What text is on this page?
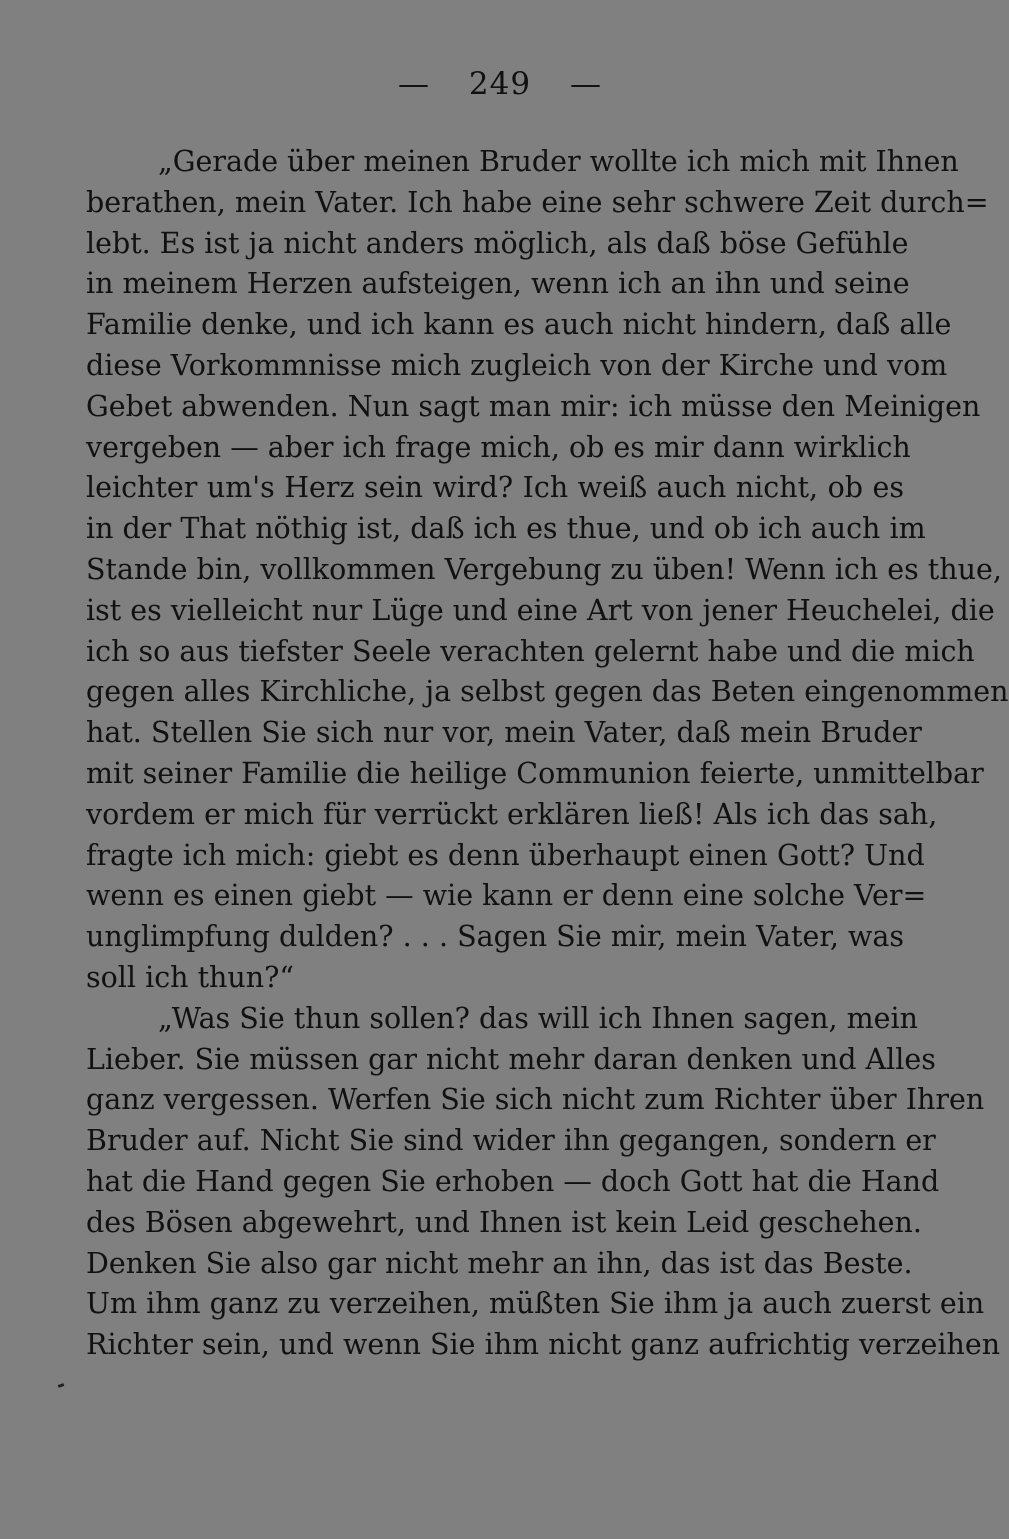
— 249 —
„Gerade über meinen Bruder wollte ich mich mit Ihnen
berathen, mein Vater. Ich habe eine sehr schwere Zeit durch=
lebt. Es ist ja nicht anders möglich, als daß böse Gefühle
in meinem Herzen aufsteigen, wenn ich an ihn und seine
Familie denke, und ich kann es auch nicht hindern, daß alle
diese Vorkommnisse mich zugleich von der Kirche und vom
Gebet abwenden. Nun sagt man mir: ich müsse den Meinigen
vergeben — aber ich frage mich, ob es mir dann wirklich
leichter um's Herz sein wird? Ich weiß auch nicht, ob es
in der That nöthig ist, daß ich es thue, und ob ich auch im
Stande bin, vollkommen Vergebung zu üben! Wenn ich es thue,
ist es vielleicht nur Lüge und eine Art von jener Heuchelei, die
ich so aus tiefster Seele verachten gelernt habe und die mich
gegen alles Kirchliche, ja selbst gegen das Beten eingenommen
hat. Stellen Sie sich nur vor, mein Vater, daß mein Bruder
mit seiner Familie die heilige Communion feierte, unmittelbar
vordem er mich für verrückt erklären ließ! Als ich das sah,
fragte ich mich: giebt es denn überhaupt einen Gott? Und
wenn es einen giebt — wie kann er denn eine solche Ver=
unglimpfung dulden? . . . Sagen Sie mir, mein Vater, was
soll ich thun?“
„Was Sie thun sollen? das will ich Ihnen sagen, mein
Lieber. Sie müssen gar nicht mehr daran denken und Alles
ganz vergessen. Werfen Sie sich nicht zum Richter über Ihren
Bruder auf. Nicht Sie sind wider ihn gegangen, sondern er
hat die Hand gegen Sie erhoben — doch Gott hat die Hand
des Bösen abgewehrt, und Ihnen ist kein Leid geschehen.
Denken Sie also gar nicht mehr an ihn, das ist das Beste.
Um ihm ganz zu verzeihen, müßten Sie ihm ja auch zuerst ein
Richter sein, und wenn Sie ihm nicht ganz aufrichtig verzeihen
